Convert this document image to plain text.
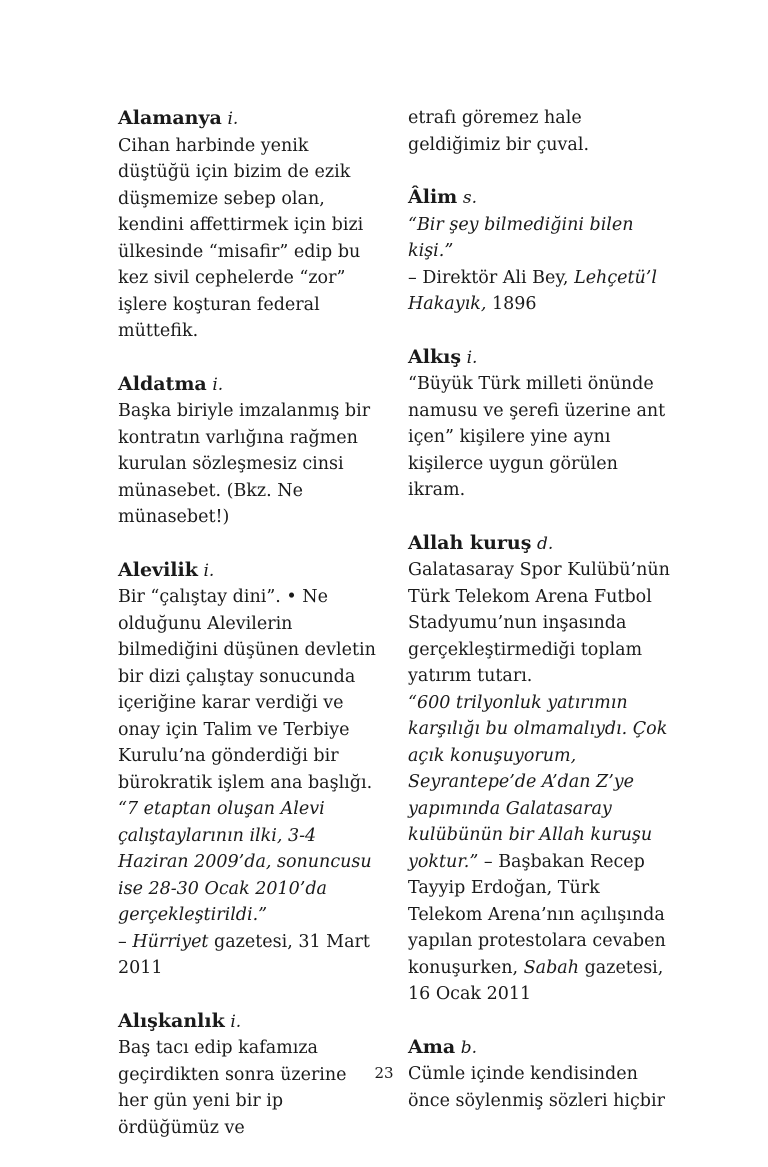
Alamanya i.
Cihan harbinde yenik düştüğü için bizim de ezik düşmemize sebep olan, kendini affettirmek için bizi ülkesinde “misafir” edip bu kez sivil cephelerde “zor” işlere koşturan federal müttefik.
Aldatma i.
Başka biriyle imzalanmış bir kontratın varlığına rağmen kurulan sözleşmesiz cinsi münasebet. (Bkz. Ne münasebet!)
Alevilik i.
Bir “çalıştay dini”. • Ne olduğunu Alevilerin bilmediğini düşünen devletin bir dizi çalıştay sonucunda içeriğine karar verdiği ve onay için Talim ve Terbiye Kurulu’na gönderdiği bir bürokratik işlem ana başlığı.
“7 etaptan oluşan Alevi çalıştaylarının ilki, 3-4 Haziran 2009’da, sonuncusu ise 28-30 Ocak 2010’da gerçekleştirildi.”
– Hürriyet gazetesi, 31 Mart 2011
Alışkanlık i.
Baş tacı edip kafamıza geçirdikten sonra üzerine her gün yeni bir ip ördüğümüz ve
etrafı göremez hale geldiğimiz bir çuval.
Âlim s.
“Bir şey bilmediğini bilen kişi.”
– Direktör Ali Bey, Lehçetü’l Hakayık, 1896
Alkış i.
“Büyük Türk milleti önünde namusu ve şerefi üzerine ant içen” kişilere yine aynı kişilerce uygun görülen ikram.
Allah kuruş d.
Galatasaray Spor Kulübü’nün Türk Telekom Arena Futbol Stadyumu’nun inşasında gerçekleştirmediği toplam yatırım tutarı.
“600 trilyonluk yatırımın karşılığı bu olmamalıydı. Çok açık konuşuyorum, Seyrantepe’de A’dan Z’ye yapımında Galatasaray kulübünün bir Allah kuruşu yoktur.” – Başbakan Recep Tayyip Erdoğan, Türk Telekom Arena’nın açılışında yapılan protestolara cevaben konuşurken, Sabah gazetesi, 16 Ocak 2011
Ama b.
Cümle içinde kendisinden önce söylenmiş sözleri hiçbir
23
